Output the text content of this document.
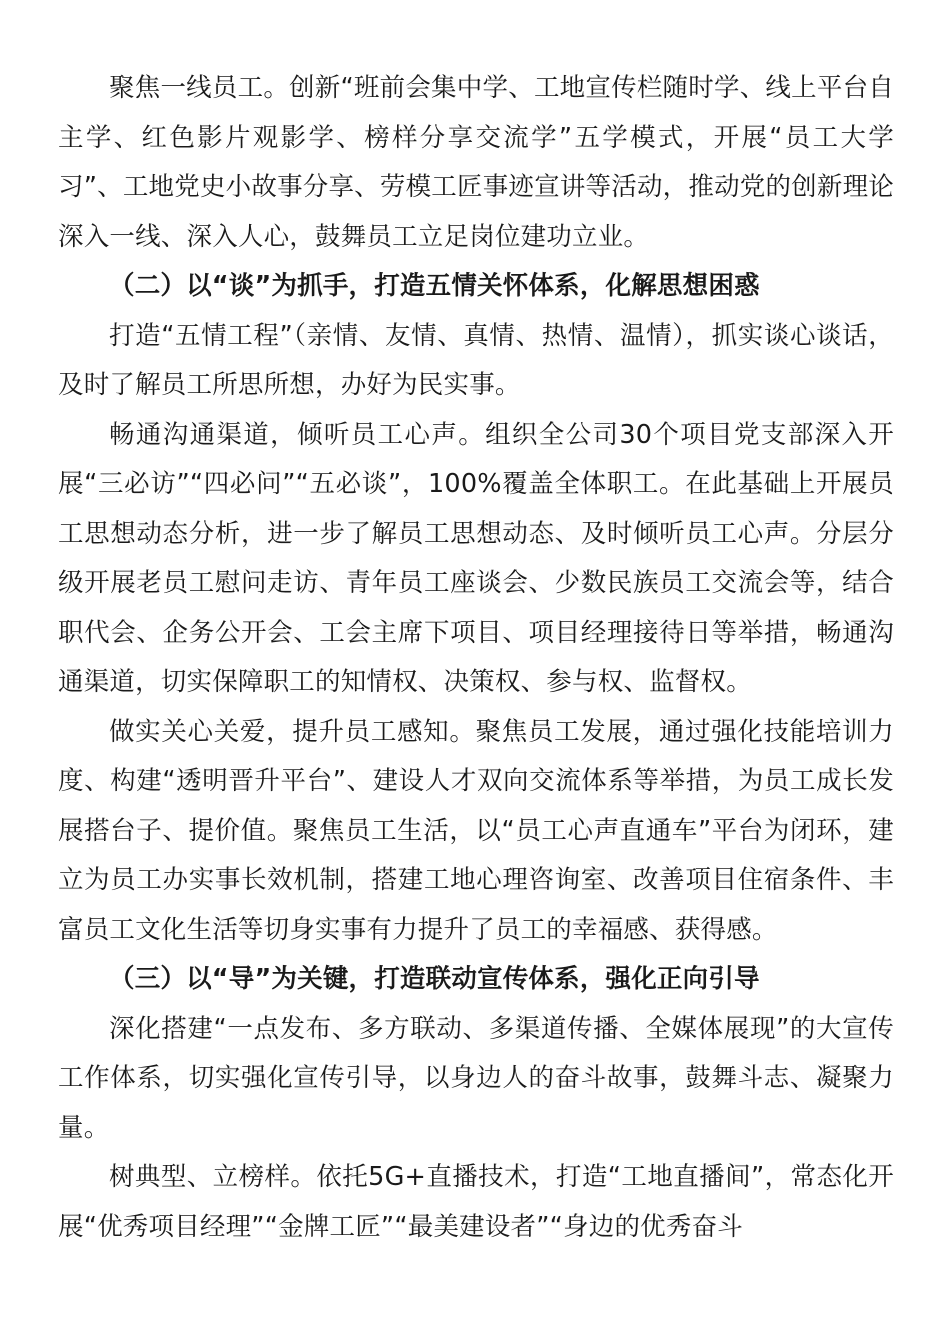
聚焦一线员工。创新“班前会集中学、工地宣传栏随时学、线上平台自主学、红色影片观影学、榜样分享交流学”五学模式，开展“员工大学习”、工地党史小故事分享、劳模工匠事迹宣讲等活动，推动党的创新理论深入一线、深入人心，鼓舞员工立足岗位建功立业。

（二）以“谈”为抓手，打造五情关怀体系，化解思想困惑

打造“五情工程”（亲情、友情、真情、热情、温情），抓实谈心谈话，及时了解员工所思所想，办好为民实事。

畅通沟通渠道，倾听员工心声。组织全公司30个项目党支部深入开展“三必访”“四必问”“五必谈”，100%覆盖全体职工。在此基础上开展员工思想动态分析，进一步了解员工思想动态、及时倾听员工心声。分层分级开展老员工慰问走访、青年员工座谈会、少数民族员工交流会等，结合职代会、企务公开会、工会主席下项目、项目经理接待日等举措，畅通沟通渠道，切实保障职工的知情权、决策权、参与权、监督权。

做实关心关爱，提升员工感知。聚焦员工发展，通过强化技能培训力度、构建“透明晋升平台”、建设人才双向交流体系等举措，为员工成长发展搭台子、提价值。聚焦员工生活，以“员工心声直通车”平台为闭环，建立为员工办实事长效机制，搭建工地心理咨询室、改善项目住宿条件、丰富员工文化生活等切身实事有力提升了员工的幸福感、获得感。

（三）以“导”为关键，打造联动宣传体系，强化正向引导

深化搭建“一点发布、多方联动、多渠道传播、全媒体展现”的大宣传工作体系，切实强化宣传引导，以身边人的奋斗故事，鼓舞斗志、凝聚力量。

树典型、立榜样。依托5G+直播技术，打造“工地直播间”，常态化开展“优秀项目经理”“金牌工匠”“最美建设者”“身边的优秀奋斗
